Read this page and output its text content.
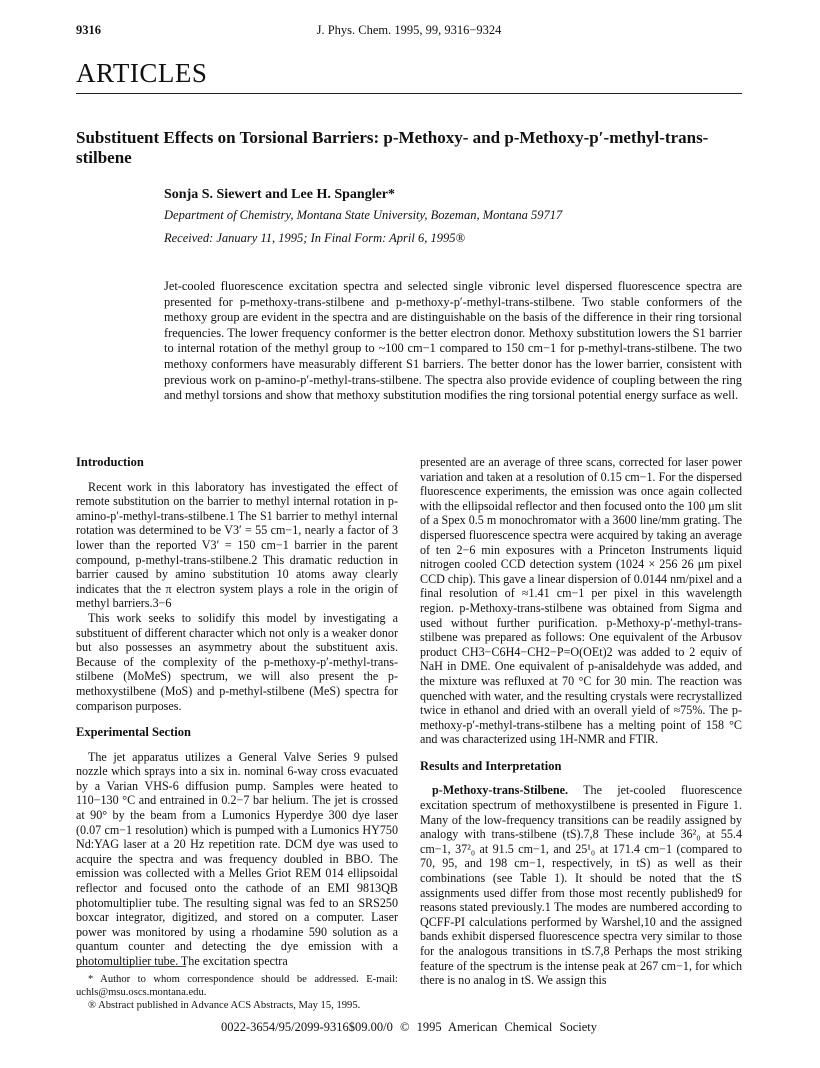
9316	J. Phys. Chem. 1995, 99, 9316−9324
ARTICLES
Substituent Effects on Torsional Barriers: p-Methoxy- and p-Methoxy-p′-methyl-trans-stilbene
Sonja S. Siewert and Lee H. Spangler*
Department of Chemistry, Montana State University, Bozeman, Montana 59717
Received: January 11, 1995; In Final Form: April 6, 1995®
Jet-cooled fluorescence excitation spectra and selected single vibronic level dispersed fluorescence spectra are presented for p-methoxy-trans-stilbene and p-methoxy-p′-methyl-trans-stilbene. Two stable conformers of the methoxy group are evident in the spectra and are distinguishable on the basis of the difference in their ring torsional frequencies. The lower frequency conformer is the better electron donor. Methoxy substitution lowers the S1 barrier to internal rotation of the methyl group to ~100 cm−1 compared to 150 cm−1 for p-methyl-trans-stilbene. The two methoxy conformers have measurably different S1 barriers. The better donor has the lower barrier, consistent with previous work on p-amino-p′-methyl-trans-stilbene. The spectra also provide evidence of coupling between the ring and methyl torsions and show that methoxy substitution modifies the ring torsional potential energy surface as well.
Introduction

Recent work in this laboratory has investigated the effect of remote substitution on the barrier to methyl internal rotation in p-amino-p′-methyl-trans-stilbene.1 The S1 barrier to methyl internal rotation was determined to be V3′ = 55 cm−1, nearly a factor of 3 lower than the reported V3′ = 150 cm−1 barrier in the parent compound, p-methyl-trans-stilbene.2 This dramatic reduction in barrier caused by amino substitution 10 atoms away clearly indicates that the π electron system plays a role in the origin of methyl barriers.3−6

This work seeks to solidify this model by investigating a substituent of different character which not only is a weaker donor but also possesses an asymmetry about the substituent axis. Because of the complexity of the p-methoxy-p′-methyl-trans-stilbene (MoMeS) spectrum, we will also present the p-methoxystilbene (MoS) and p-methyl-stilbene (MeS) spectra for comparison purposes.

Experimental Section

The jet apparatus utilizes a General Valve Series 9 pulsed nozzle which sprays into a six in. nominal 6-way cross evacuated by a Varian VHS-6 diffusion pump. Samples were heated to 110−130 °C and entrained in 0.2−7 bar helium. The jet is crossed at 90° by the beam from a Lumonics Hyperdye 300 dye laser (0.07 cm−1 resolution) which is pumped with a Lumonics HY750 Nd:YAG laser at a 20 Hz repetition rate. DCM dye was used to acquire the spectra and was frequency doubled in BBO. The emission was collected with a Melles Griot REM 014 ellipsoidal reflector and focused onto the cathode of an EMI 9813QB photomultiplier tube. The resulting signal was fed to an SRS250 boxcar integrator, digitized, and stored on a computer. Laser power was monitored by using a rhodamine 590 solution as a quantum counter and detecting the dye emission with a photomultiplier tube. The excitation spectra

presented are an average of three scans, corrected for laser power variation and taken at a resolution of 0.15 cm−1. For the dispersed fluorescence experiments, the emission was once again collected with the ellipsoidal reflector and then focused onto the 100 μm slit of a Spex 0.5 m monochromator with a 3600 line/mm grating. The dispersed fluorescence spectra were acquired by taking an average of ten 2−6 min exposures with a Princeton Instruments liquid nitrogen cooled CCD detection system (1024 × 256 26 μm pixel CCD chip). This gave a linear dispersion of 0.0144 nm/pixel and a final resolution of ≈1.41 cm−1 per pixel in this wavelength region. p-Methoxy-trans-stilbene was obtained from Sigma and used without further purification. p-Methoxy-p′-methyl-trans-stilbene was prepared as follows: One equivalent of the Arbusov product CH3−C6H4−CH2−P=O(OEt)2 was added to 2 equiv of NaH in DME. One equivalent of p-anisaldehyde was added, and the mixture was refluxed at 70 °C for 30 min. The reaction was quenched with water, and the resulting crystals were recrystallized twice in ethanol and dried with an overall yield of ≈75%. The p-methoxy-p′-methyl-trans-stilbene has a melting point of 158 °C and was characterized using 1H-NMR and FTIR.

Results and Interpretation

p-Methoxy-trans-Stilbene. The jet-cooled fluorescence excitation spectrum of methoxystilbene is presented in Figure 1. Many of the low-frequency transitions can be readily assigned by analogy with trans-stilbene (tS).7,8 These include 36²₀ at 55.4 cm−1, 37²₀ at 91.5 cm−1, and 25¹₀ at 171.4 cm−1 (compared to 70, 95, and 198 cm−1, respectively, in tS) as well as their combinations (see Table 1). It should be noted that the tS assignments used differ from those most recently published9 for reasons stated previously.1 The modes are numbered according to QCFF-PI calculations performed by Warshel,10 and the assigned bands exhibit dispersed fluorescence spectra very similar to those for the analogous transitions in tS.7,8 Perhaps the most striking feature of the spectrum is the intense peak at 267 cm−1, for which there is no analog in tS. We assign this

* Author to whom correspondence should be addressed. E-mail: uchls@msu.oscs.montana.edu.

® Abstract published in Advance ACS Abstracts, May 15, 1995.

0022-3654/95/2099-9316$09.00/0 © 1995 American Chemical Society
